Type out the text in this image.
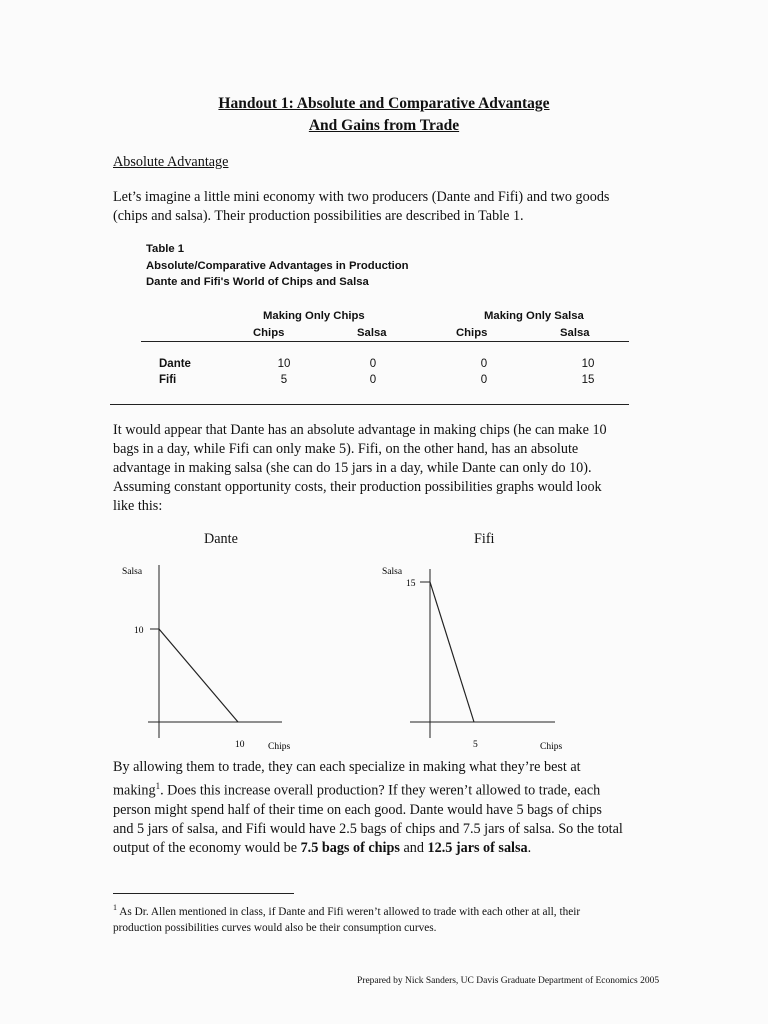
Handout 1: Absolute and Comparative Advantage
And Gains from Trade
Absolute Advantage
Let’s imagine a little mini economy with two producers (Dante and Fifi) and two goods
(chips and salsa). Their production possibilities are described in Table 1.
Table 1
Absolute/Comparative Advantages in Production
Dante and Fifi's World of Chips and Salsa
Making Only Chips	Making Only Salsa
Chips	Salsa	Chips	Salsa
Dante	10	0	0	10
Fifi	5	0	0	15
It would appear that Dante has an absolute advantage in making chips (he can make 10
bags in a day, while Fifi can only make 5). Fifi, on the other hand, has an absolute
advantage in making salsa (she can do 15 jars in a day, while Dante can only do 10).
Assuming constant opportunity costs, their production possibilities graphs would look
like this:
Dante	Fifi
Salsa
10
10 Chips
Salsa
15
5	Chips
By allowing them to trade, they can each specialize in making what they’re best at
making$^1$. Does this increase overall production? If they weren’t allowed to trade, each
person might spend half of their time on each good. Dante would have 5 bags of chips
and 5 jars of salsa, and Fifi would have 2.5 bags of chips and 7.5 jars of salsa. So the total
output of the economy would be 7.5 bags of chips and 12.5 jars of salsa.
$^1$ As Dr. Allen mentioned in class, if Dante and Fifi weren’t allowed to trade with each other at all, their
production possibilities curves would also be their consumption curves.
Prepared by Nick Sanders, UC Davis Graduate Department of Economics 2005
